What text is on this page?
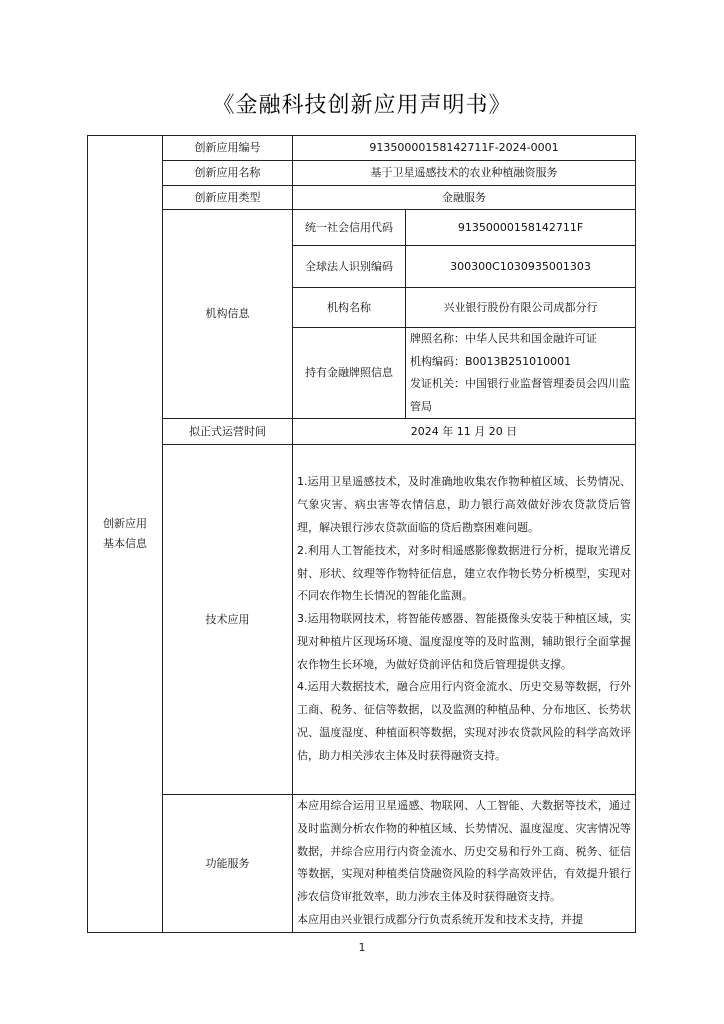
《金融科技创新应用声明书》
创新应用
基本信息	创新应用编号	91350000158142711F-2024-0001	
	创新应用名称	基于卫星遥感技术的农业种植融资服务	
	创新应用类型	金融服务	
	机构信息	统一社会信用代码	91350000158142711F
		全球法人识别编码	300300C1030935001303
		机构名称	兴业银行股份有限公司成都分行
		持有金融牌照信息	牌照名称：中华人民共和国金融许可证

机构编码：B0013B251010001

发证机关：中国银行业监督管理委员会四川监管局

	拟正式运营时间	2024 年 11 月 20 日	
	技术应用	1.运用卫星遥感技术，及时准确地收集农作物种植区域、长势情况、气象灾害、病虫害等农情信息，助力银行高效做好涉农贷款贷后管理，解决银行涉农贷款面临的贷后勘察困难问题。

2.利用人工智能技术，对多时相遥感影像数据进行分析，提取光谱反射、形状、纹理等作物特征信息，建立农作物长势分析模型，实现对不同农作物生长情况的智能化监测。

3.运用物联网技术，将智能传感器、智能摄像头安装于种植区域，实现对种植片区现场环境、温度湿度等的及时监测，辅助银行全面掌握农作物生长环境，为做好贷前评估和贷后管理提供支撑。

4.运用大数据技术，融合应用行内资金流水、历史交易等数据，行外工商、税务、征信等数据，以及监测的种植品种、分布地区、长势状况、温度湿度、种植面积等数据，实现对涉农贷款风险的科学高效评估，助力相关涉农主体及时获得融资支持。	

	功能服务	本应用综合运用卫星遥感、物联网、人工智能、大数据等技术，通过及时监测分析农作物的种植区域、长势情况、温度湿度、灾害情况等数据，并综合应用行内资金流水、历史交易和行外工商、税务、征信等数据，实现对种植类信贷融资风险的科学高效评估，有效提升银行涉农信贷审批效率，助力涉农主体及时获得融资支持。

本应用由兴业银行成都分行负责系统开发和技术支持，并提	

1
